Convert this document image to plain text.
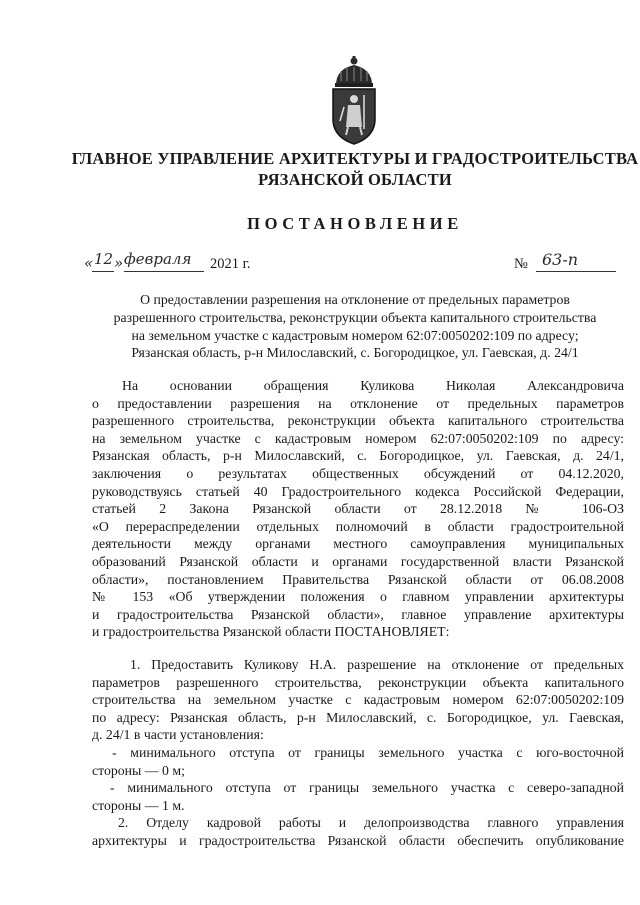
ГЛАВНОЕ УПРАВЛЕНИЕ АРХИТЕКТУРЫ И ГРАДОСТРОИТЕЛЬСТВА
РЯЗАНСКОЙ ОБЛАСТИ
ПОСТАНОВЛЕНИЕ
« 12 » февраля 2021 г.	№ 63-п
О предоставлении разрешения на отклонение от предельных параметров
разрешенного строительства, реконструкции объекта капитального строительства
на земельном участке с кадастровым номером 62:07:0050202:109 по адресу;
Рязанская область, р-н Милославский, с. Богородицкое, ул. Гаевская, д. 24/1
На основании обращения Куликова Николая Александровича
о предоставлении разрешения на отклонение от предельных параметров
разрешенного строительства, реконструкции объекта капитального строительства
на земельном участке с кадастровым номером 62:07:0050202:109 по адресу:
Рязанская область, р-н Милославский, с. Богородицкое, ул. Гаевская, д. 24/1,
заключения о результатах общественных обсуждений от 04.12.2020,
руководствуясь статьей 40 Градостроительного кодекса Российской Федерации,
статьей 2 Закона Рязанской области от 28.12.2018 № 106-ОЗ
«О перераспределении отдельных полномочий в области градостроительной
деятельности между органами местного самоуправления муниципальных
образований Рязанской области и органами государственной власти Рязанской
области», постановлением Правительства Рязанской области от 06.08.2008
№ 153 «Об утверждении положения о главном управлении архитектуры
и градостроительства Рязанской области», главное управление архитектуры
и градостроительства Рязанской области ПОСТАНОВЛЯЕТ:
1. Предоставить Куликову Н.А. разрешение на отклонение от предельных
параметров разрешенного строительства, реконструкции объекта капитального
строительства на земельном участке с кадастровым номером 62:07:0050202:109
по адресу: Рязанская область, р-н Милославский, с. Богородицкое, ул. Гаевская,
д. 24/1 в части установления:
- минимального отступа от границы земельного участка с юго-восточной
стороны — 0 м;
- минимального отступа от границы земельного участка с северо-западной
стороны — 1 м.
2. Отделу кадровой работы и делопроизводства главного управления
архитектуры и градостроительства Рязанской области обеспечить опубликование
